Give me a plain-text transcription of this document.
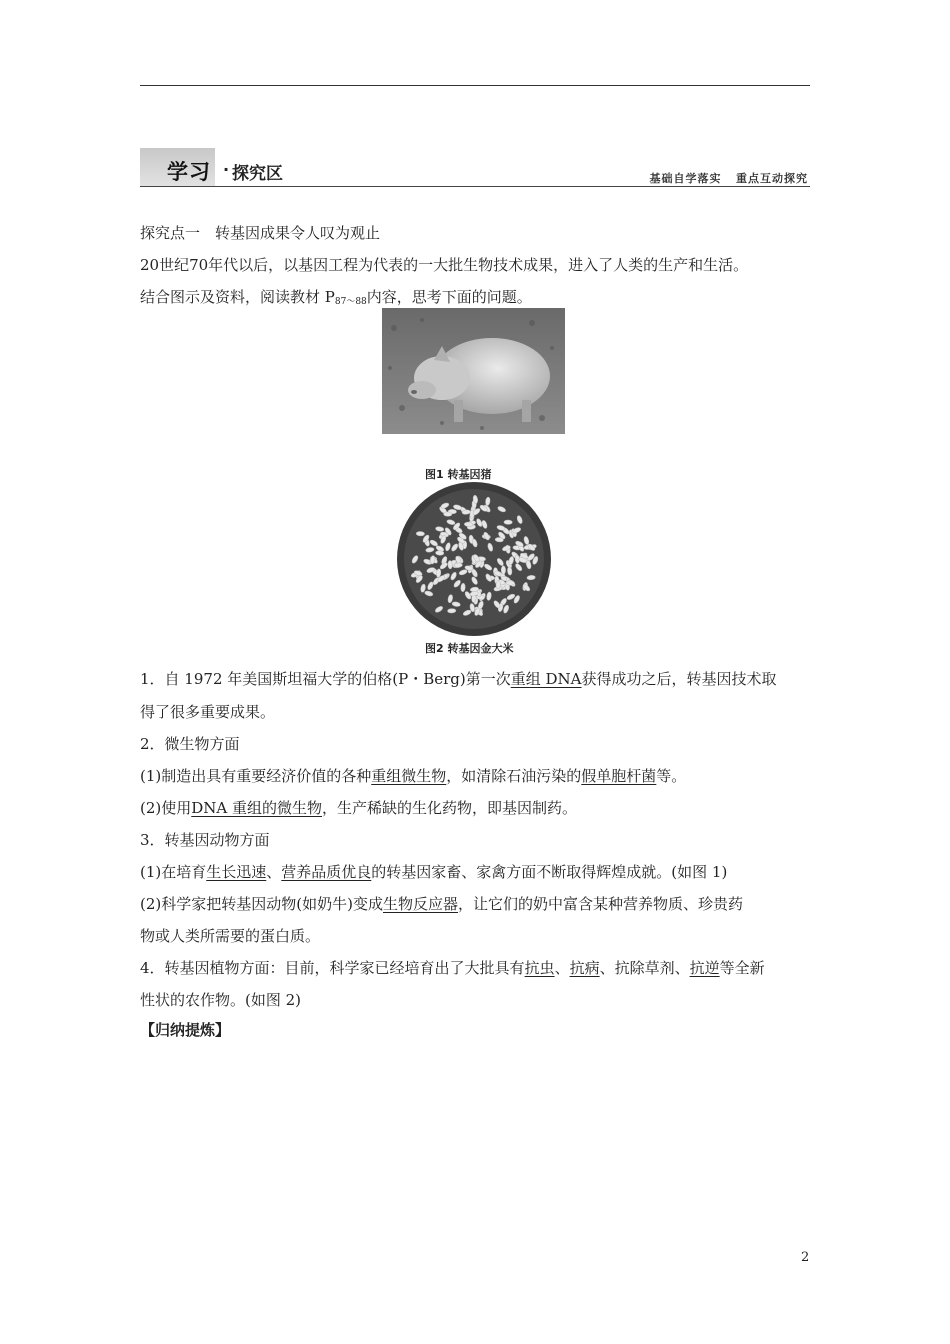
学习 · 探究区	基础自学落实   重点互动探究
探究点一　转基因成果令人叹为观止
20世纪70年代以后，以基因工程为代表的一大批生物技术成果，进入了人类的生产和生活。
结合图示及资料，阅读教材 $P_{87\sim 88}$内容，思考下面的问题。
图1 转基因猪
图2 转基因金大米
1．自 1972 年美国斯坦福大学的伯格(P・Berg)第一次重组 DNA获得成功之后，转基因技术取
得了很多重要成果。
2．微生物方面
(1)制造出具有重要经济价值的各种重组微生物，如清除石油污染的假单胞杆菌等。
(2)使用DNA 重组的微生物，生产稀缺的生化药物，即基因制药。
3．转基因动物方面
(1)在培育生长迅速、营养品质优良的转基因家畜、家禽方面不断取得辉煌成就。(如图 1)
(2)科学家把转基因动物(如奶牛)变成生物反应器，让它们的奶中富含某种营养物质、珍贵药
物或人类所需要的蛋白质。
4．转基因植物方面：目前，科学家已经培育出了大批具有抗虫、抗病、抗除草剂、抗逆等全新
性状的农作物。(如图 2)
【归纳提炼】
2
